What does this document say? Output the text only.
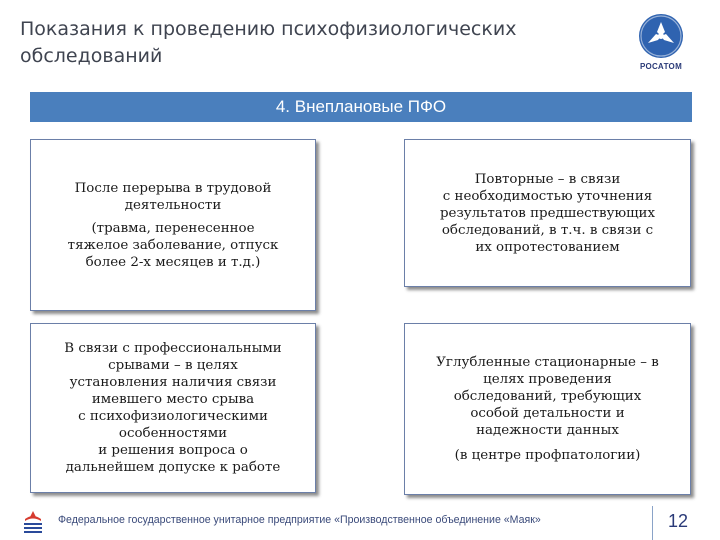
Показания к проведению психофизиологических
обследований	РОСАТОМ
4. Внеплановые ПФО

После перерыва в трудовой

деятельности

(травма, перенесенное

тяжелое заболевание, отпуск

более 2-х месяцев и т.д.)

Повторные – в связи

с необходимостью уточнения

результатов предшествующих

обследований, в т.ч. в связи с

их опротестованием

В связи с профессиональными

срывами – в целях

установления наличия связи

имевшего место срыва

с психофизиологическими

особенностями

и решения вопроса о

дальнейшем допуске к работе

Углубленные стационарные – в

целях проведения

обследований, требующих

особой детальности и

надежности данных

(в центре профпатологии)

Федеральное государственное унитарное предприятие «Производственное объединение «Маяк»	12
